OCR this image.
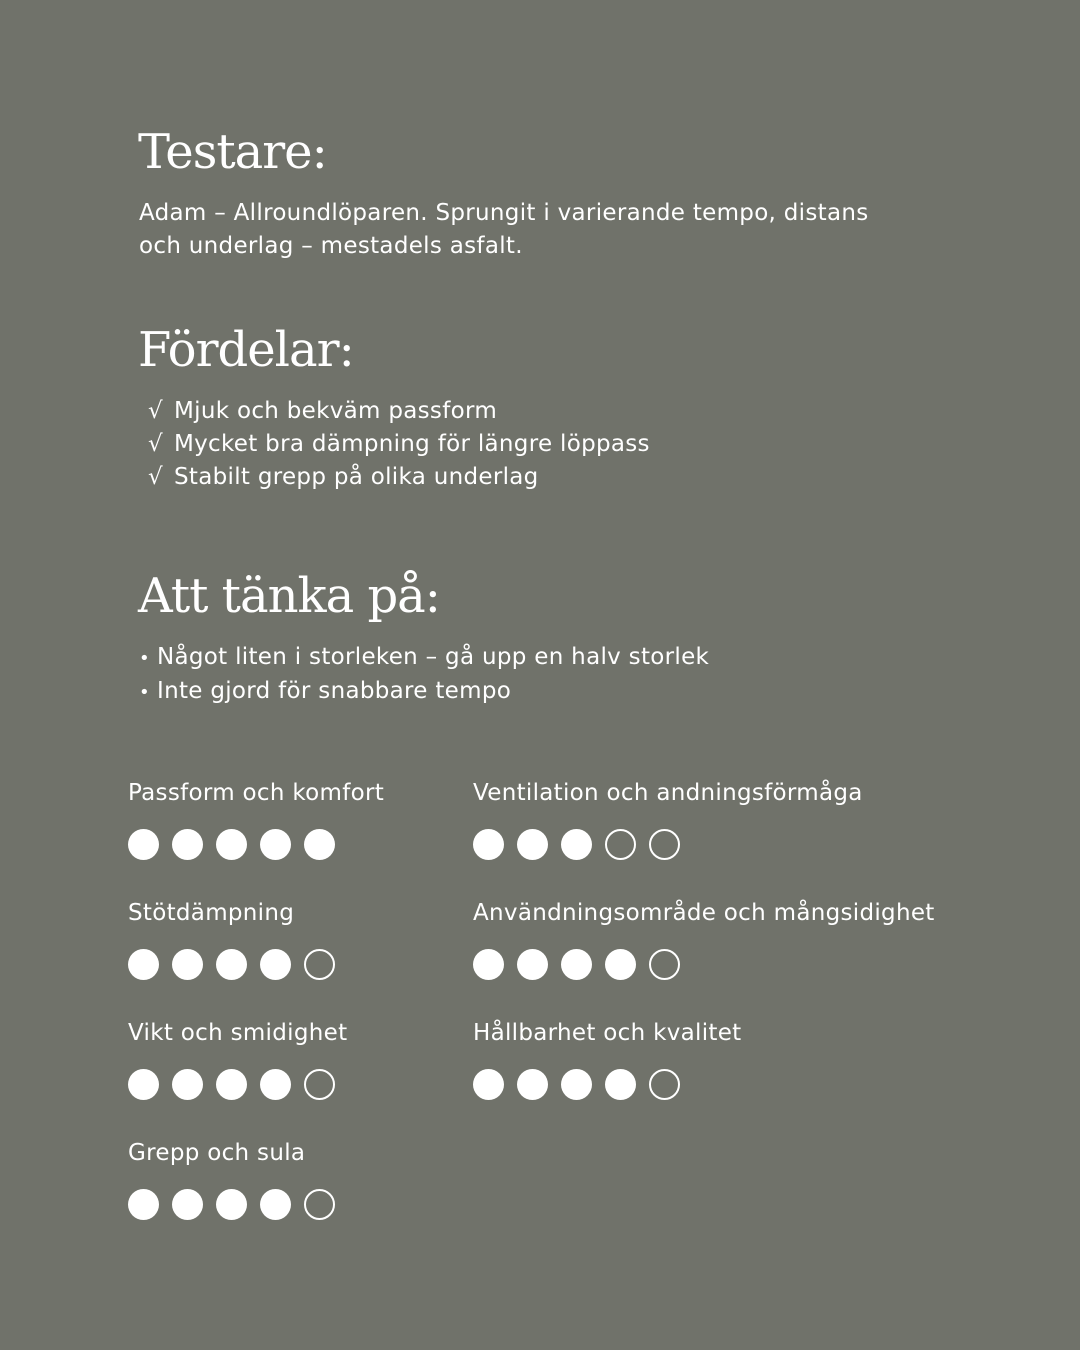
Testare:

Adam – Allroundlöparen. Sprungit i varierande tempo, distans
och underlag – mestadels asfalt.

Fördelar:
√ Mjuk och bekväm passform
√ Mycket bra dämpning för längre löppass
√ Stabilt grepp på olika underlag
Att tänka på:
• Något liten i storleken – gå upp en halv storlek
• Inte gjord för snabbare tempo
Passform och komfort	Ventilation och andningsförmåga
Stötdämpning	Användningsområde och mångsidighet
Vikt och smidighet	Hållbarhet och kvalitet
Grepp och sula
